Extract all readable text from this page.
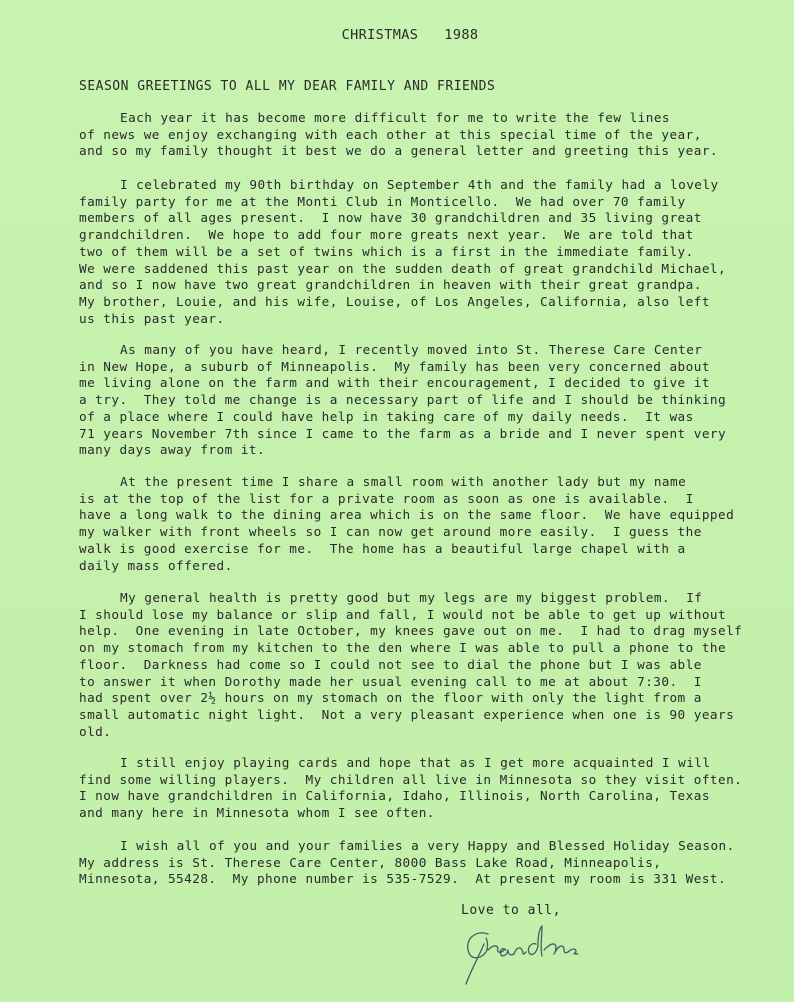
CHRISTMAS 1988
SEASON GREETINGS TO ALL MY DEAR FAMILY AND FRIENDS
Each year it has become more difficult for me to write the few lines
of news we enjoy exchanging with each other at this special time of the year,
and so my family thought it best we do a general letter and greeting this year.
I celebrated my 90th birthday on September 4th and the family had a lovely
family party for me at the Monti Club in Monticello.  We had over 70 family
members of all ages present.  I now have 30 grandchildren and 35 living great
grandchildren.  We hope to add four more greats next year.  We are told that
two of them will be a set of twins which is a first in the immediate family.
We were saddened this past year on the sudden death of great grandchild Michael,
and so I now have two great grandchildren in heaven with their great grandpa.
My brother, Louie, and his wife, Louise, of Los Angeles, California, also left
us this past year.
As many of you have heard, I recently moved into St. Therese Care Center
in New Hope, a suburb of Minneapolis.  My family has been very concerned about
me living alone on the farm and with their encouragement, I decided to give it
a try.  They told me change is a necessary part of life and I should be thinking
of a place where I could have help in taking care of my daily needs.  It was
71 years November 7th since I came to the farm as a bride and I never spent very
many days away from it.
At the present time I share a small room with another lady but my name
is at the top of the list for a private room as soon as one is available.  I
have a long walk to the dining area which is on the same floor.  We have equipped
my walker with front wheels so I can now get around more easily.  I guess the
walk is good exercise for me.  The home has a beautiful large chapel with a
daily mass offered.
My general health is pretty good but my legs are my biggest problem.  If
I should lose my balance or slip and fall, I would not be able to get up without
help.  One evening in late October, my knees gave out on me.  I had to drag myself
on my stomach from my kitchen to the den where I was able to pull a phone to the
floor.  Darkness had come so I could not see to dial the phone but I was able
to answer it when Dorothy made her usual evening call to me at about 7:30.  I
had spent over 2½ hours on my stomach on the floor with only the light from a
small automatic night light.  Not a very pleasant experience when one is 90 years
old.
I still enjoy playing cards and hope that as I get more acquainted I will
find some willing players.  My children all live in Minnesota so they visit often.
I now have grandchildren in California, Idaho, Illinois, North Carolina, Texas
and many here in Minnesota whom I see often.
I wish all of you and your families a very Happy and Blessed Holiday Season.
My address is St. Therese Care Center, 8000 Bass Lake Road, Minneapolis,
Minnesota, 55428.  My phone number is 535-7529.  At present my room is 331 West.
Love to all,
